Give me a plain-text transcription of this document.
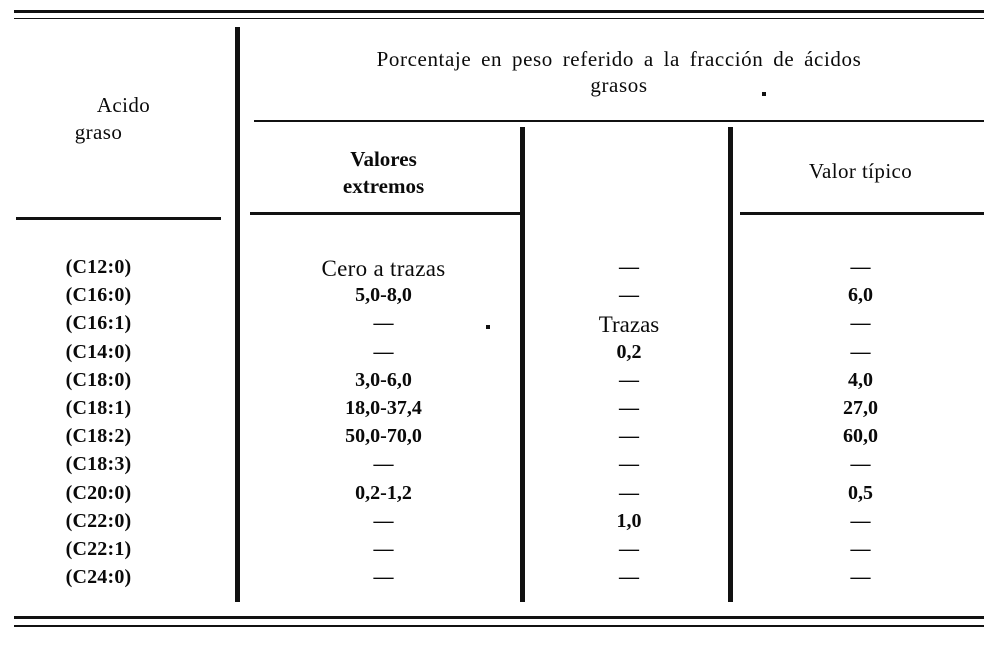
Porcentaje en peso referido a la fracción de ácidos
grasos
Acido
graso
Valores
extremos
Valor típico
(C12:0)	Cero a trazas	—	—
(C16:0)	5,0-8,0	—	6,0
(C16:1)	—	Trazas	—
(C14:0)	—	0,2	—
(C18:0)	3,0-6,0	—	4,0
(C18:1)	18,0-37,4	—	27,0
(C18:2)	50,0-70,0	—	60,0
(C18:3)	—	—	—
(C20:0)	0,2-1,2	—	0,5
(C22:0)	—	1,0	—
(C22:1)	—	—	—
(C24:0)	—	—	—
